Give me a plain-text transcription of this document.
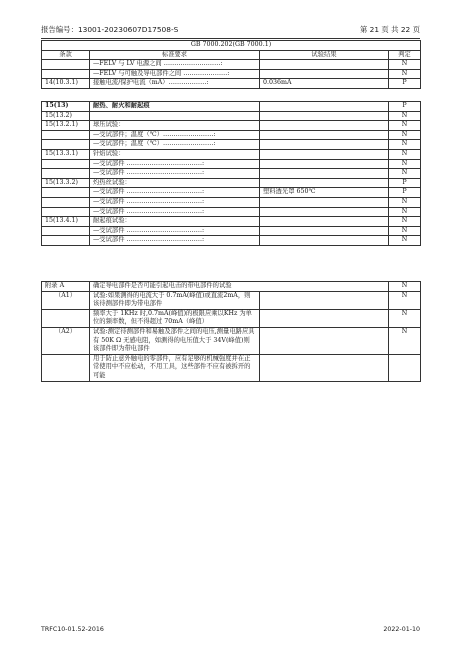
报告编号：13001-20230607D17508-S	第 21 页 共 22 页
GB 7000.202(GB 7000.1)			
条款	标准要求	试验结果	判定
	—FELV 与 LV 电源之间 ………………………:		N
	—FELV 与可触及导电部件之间 …………………:		N
14(10.3.1)	接触电流/保护电流（mA）………………:	0.036mA	P

15(13)	耐热、耐火和耐起痕		P
15(13.2)			N
15(13.2.1)	球压试验：		N
	—受试部件；温度（℃）……………………:		N
	—受试部件；温度（℃）……………………:		N
15(13.3.1)	针焰试验：		N
	—受试部件 ………………………………:		N
	—受试部件 ………………………………:		N
15(13.3.2)	灼热丝试验：		P
	—受试部件 ………………………………:	塑料透光罩 650℃	P
	—受试部件 ………………………………:		N
	—受试部件 ………………………………:		N
15(13.4.1)	耐起痕试验：		N
	—受试部件 ………………………………:		N
	—受试部件 ………………………………:		N
附录 A	确定导电部件是否可能引起电击的带电部件的试验		N
（A1）	试验:如果测得的电流大于 0.7mA(峰值)或直流2mA，则该待测部件即为带电部件		N
	频率大于 1KHz 时,0.7mA(峰值)的极限应乘以KHz 为单位的频率数，但不得超过 70mA（峰值）		N
（A2）	试验:测定待测部件和易触及部件之间的电压,测量电路应具有 50K Ω 无感电阻，如测得的电压值大于 34V(峰值)则该部件即为带电部件		N
	用于防止意外触电的零部件，应有足够的机械强度并在正常使用中不应松动，不用工具，这些部件不应有被拆开的可能		
TRFC10-01.52-2016	2022-01-10
